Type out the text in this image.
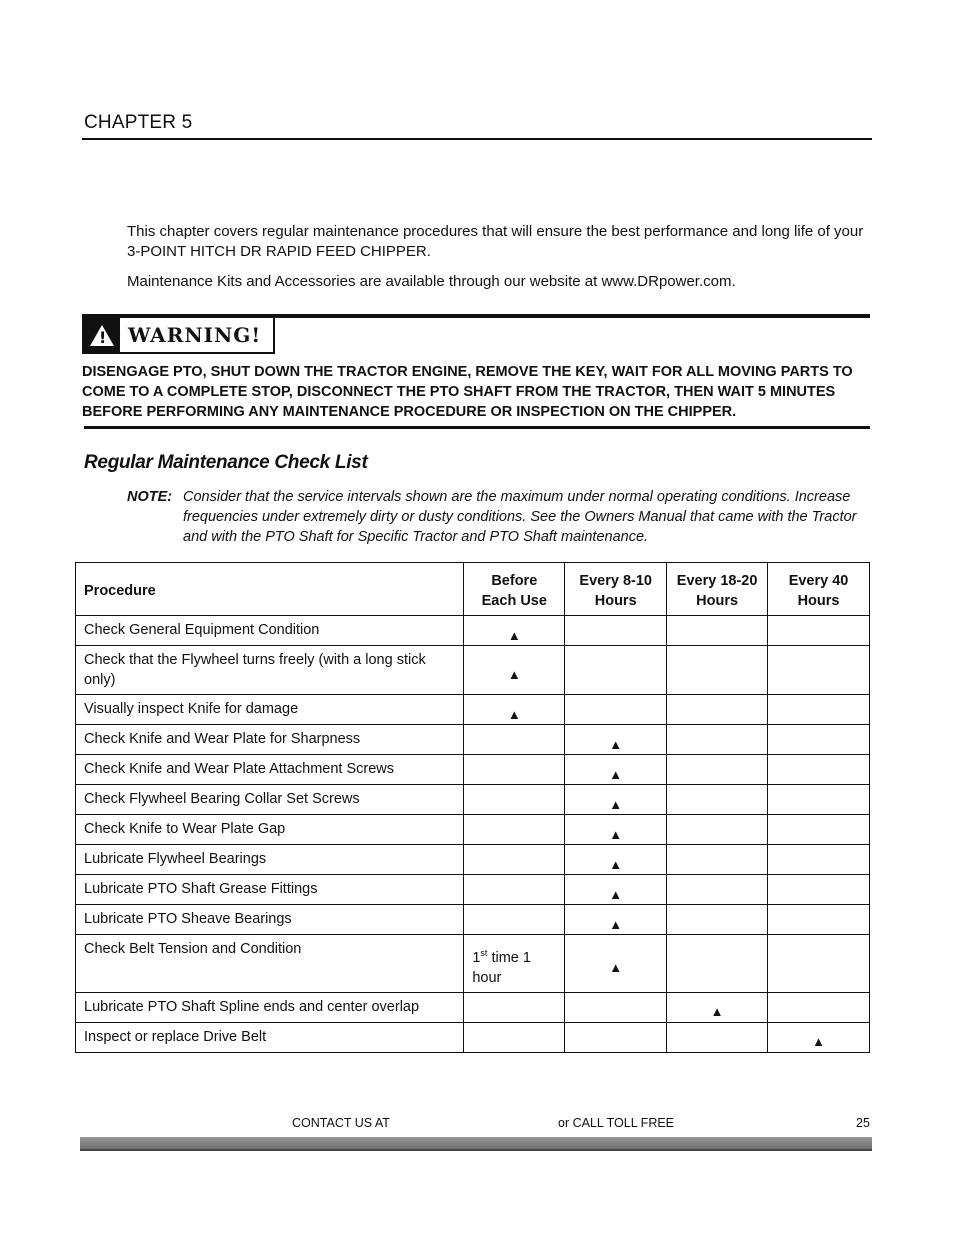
CHAPTER 5

This chapter covers regular maintenance procedures that will ensure the best performance and long life of your 3-POINT HITCH DR RAPID FEED CHIPPER.

Maintenance Kits and Accessories are available through our website at www.DRpower.com.

!	WARNING!
DISENGAGE PTO, SHUT DOWN THE TRACTOR ENGINE, REMOVE THE KEY, WAIT FOR ALL MOVING PARTS TO COME TO A COMPLETE STOP, DISCONNECT THE PTO SHAFT FROM THE TRACTOR, THEN WAIT 5 MINUTES BEFORE PERFORMING ANY MAINTENANCE PROCEDURE OR INSPECTION ON THE CHIPPER.
Regular Maintenance Check List
NOTE: Consider that the service intervals shown are the maximum under normal operating conditions. Increase frequencies under extremely dirty or dusty conditions. See the Owners Manual that came with the Tractor and with the PTO Shaft for Specific Tractor and PTO Shaft maintenance.
Procedure	Before Each Use	Every 8-10 Hours	Every 18-20 Hours	Every 40 Hours
Check General Equipment Condition	▲			
Check that the Flywheel turns freely (with a long stick only)	▲			
Visually inspect Knife for damage	▲			
Check Knife and Wear Plate for Sharpness		▲		
Check Knife and Wear Plate Attachment Screws		▲		
Check Flywheel Bearing Collar Set Screws		▲		
Check Knife to Wear Plate Gap		▲		
Lubricate Flywheel Bearings		▲		
Lubricate PTO Shaft Grease Fittings		▲		
Lubricate PTO Sheave Bearings		▲		
Check Belt Tension and Condition	1st time 1 hour	▲		
Lubricate PTO Shaft Spline ends and center overlap			▲	
Inspect or replace Drive Belt				▲
CONTACT US AT	or CALL TOLL FREE	25
